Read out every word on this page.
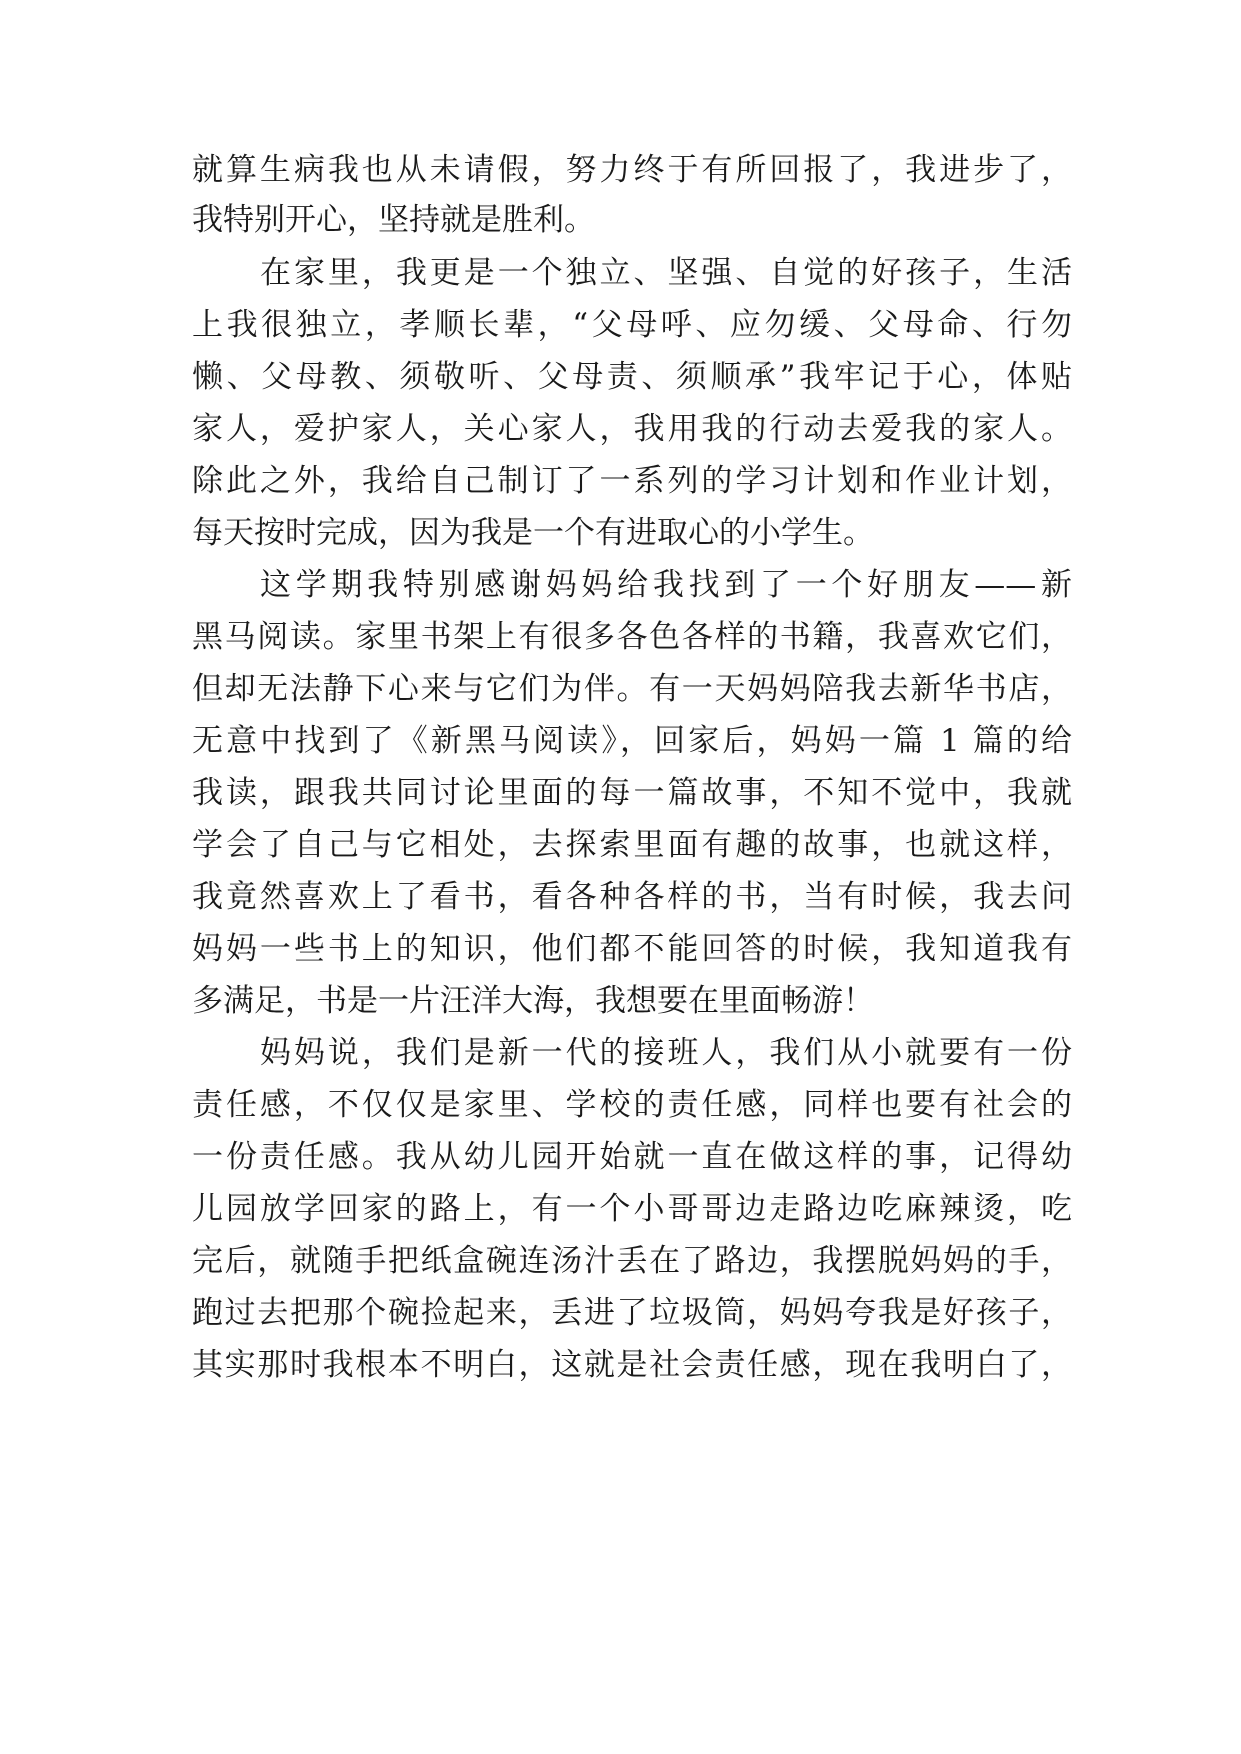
就算生病我也从未请假，努力终于有所回报了，我进步了，
我特别开心，坚持就是胜利。
在家里，我更是一个独立、坚强、自觉的好孩子，生活
上我很独立，孝顺长辈，“父母呼、应勿缓、父母命、行勿
懒、父母教、须敬听、父母责、须顺承”我牢记于心，体贴
家人，爱护家人，关心家人，我用我的行动去爱我的家人。
除此之外，我给自己制订了一系列的学习计划和作业计划，
每天按时完成，因为我是一个有进取心的小学生。
这学期我特别感谢妈妈给我找到了一个好朋友——新
黑马阅读。家里书架上有很多各色各样的书籍，我喜欢它们，
但却无法静下心来与它们为伴。有一天妈妈陪我去新华书店，
无意中找到了《新黑马阅读》，回家后，妈妈一篇 1 篇的给
我读，跟我共同讨论里面的每一篇故事，不知不觉中，我就
学会了自己与它相处，去探索里面有趣的故事，也就这样，
我竟然喜欢上了看书，看各种各样的书，当有时候，我去问
妈妈一些书上的知识，他们都不能回答的时候，我知道我有
多满足，书是一片汪洋大海，我想要在里面畅游！
妈妈说，我们是新一代的接班人，我们从小就要有一份
责任感，不仅仅是家里、学校的责任感，同样也要有社会的
一份责任感。我从幼儿园开始就一直在做这样的事，记得幼
儿园放学回家的路上，有一个小哥哥边走路边吃麻辣烫，吃
完后，就随手把纸盒碗连汤汁丢在了路边，我摆脱妈妈的手，
跑过去把那个碗捡起来，丢进了垃圾筒，妈妈夸我是好孩子，
其实那时我根本不明白，这就是社会责任感，现在我明白了，
